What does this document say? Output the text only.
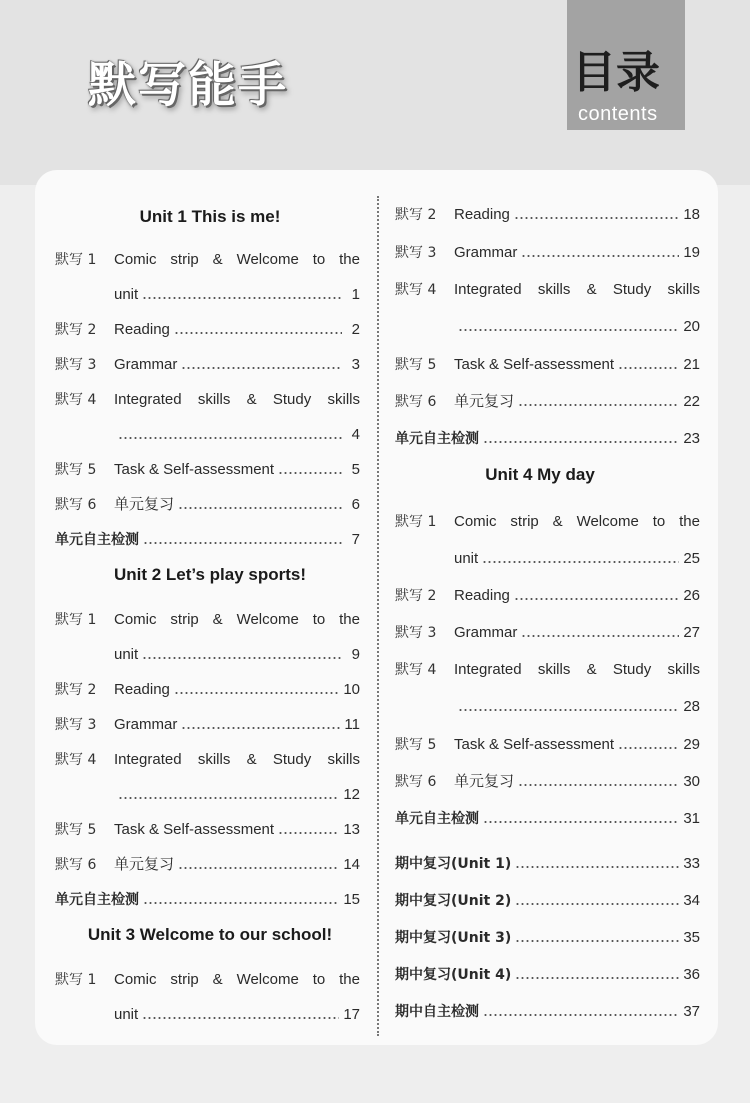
默写能手	目录
contents
Unit 1 This is me!
默写 1	Comic strip & Welcome to the
unit	1
默写 2	Reading	2
默写 3	Grammar	3
默写 4	Integrated skills & Study skills
4
默写 5	Task & Self-assessment	5
默写 6	单元复习	6
单元自主检测	7
Unit 2 Let’s play sports!
默写 1	Comic strip & Welcome to the
unit	9
默写 2	Reading	10
默写 3	Grammar	11
默写 4	Integrated skills & Study skills
12
默写 5	Task & Self-assessment	13
默写 6	单元复习	14
单元自主检测	15
Unit 3 Welcome to our school!
默写 1	Comic strip & Welcome to the
unit	17
默写 2	Reading	18
默写 3	Grammar	19
默写 4	Integrated skills & Study skills
20
默写 5	Task & Self-assessment	21
默写 6	单元复习	22
单元自主检测	23
Unit 4 My day
默写 1	Comic strip & Welcome to the
unit	25
默写 2	Reading	26
默写 3	Grammar	27
默写 4	Integrated skills & Study skills
28
默写 5	Task & Self-assessment	29
默写 6	单元复习	30
单元自主检测	31
期中复习(Unit 1)	33
期中复习(Unit 2)	34
期中复习(Unit 3)	35
期中复习(Unit 4)	36
期中自主检测	37
